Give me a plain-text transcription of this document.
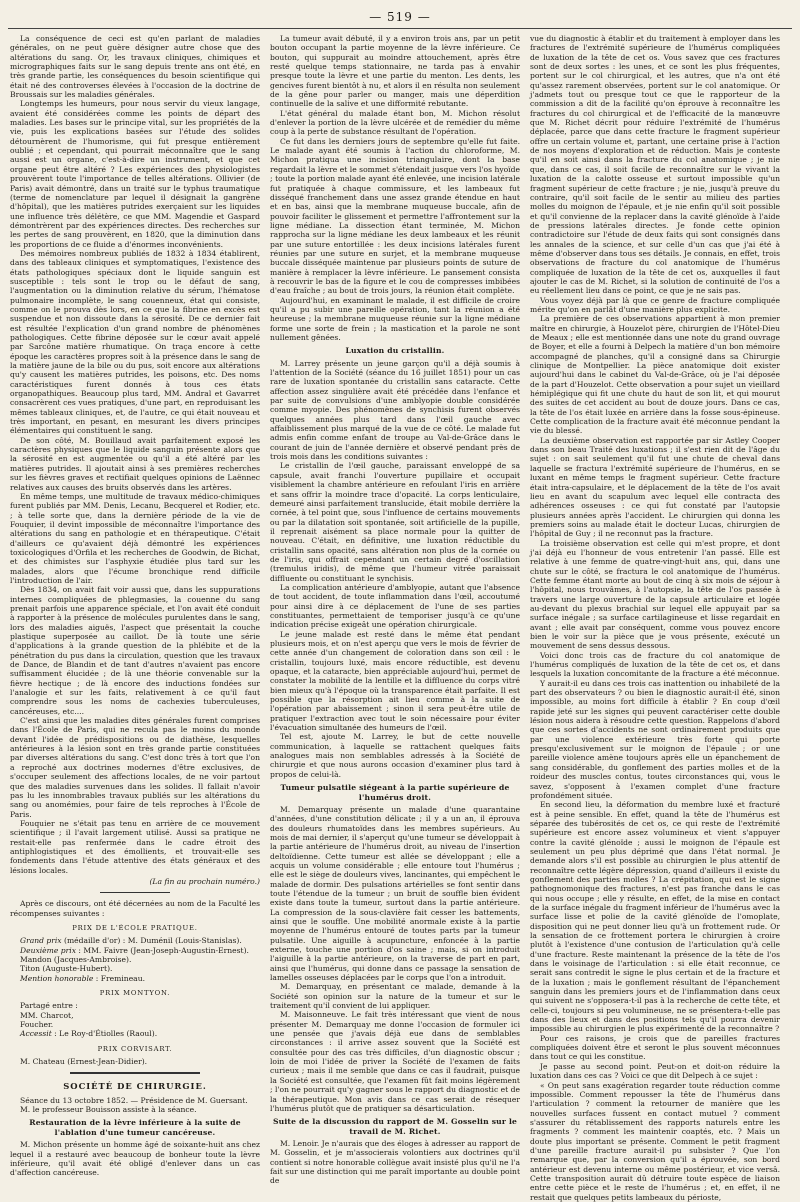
— 519 —

La conséquence de ceci est qu'en parlant de maladies générales, on ne peut guère désigner autre chose que des altérations du sang. Or, les travaux cliniques, chimiques et micrographiques faits sur le sang depuis trente ans ont été, en très grande partie, les conséquences du besoin scientifique qui était né des controverses élevées à l'occasion de la doctrine de Broussais sur les maladies générales.

Longtemps les humeurs, pour nous servir du vieux langage, avaient été considérées comme les points de départ des maladies. Les bases sur le principe vital, sur les propriétés de la vie, puis les explications basées sur l'étude des solides détournèrent de l'humorisme, qui fut presque entièrement oublié ; et cependant, qui pourrait méconnaître que le sang aussi est un organe, c'est-à-dire un instrument, et que cet organe peut être altéré ? Les expériences des physiologistes prouvèrent toute l'importance de telles altérations. Ollivier (de Paris) avait démontré, dans un traité sur le typhus traumatique (terme de nomenclature par lequel il désignait la gangrène d'hôpital), que les matières putrides exerçaient sur les liquides une influence très délétère, ce que MM. Magendie et Gaspard démontrèrent par des expériences directes. Des recherches sur les pertes de sang prouvèrent, en 1820, que la diminution dans les proportions de ce fluide a d'énormes inconvénients.

Des mémoires nombreux publiés de 1832 à 1834 établirent, dans des tableaux cliniques et symptomatiques, l'existence des états pathologiques spéciaux dont le liquide sanguin est susceptible : tels sont le trop ou le défaut de sang, l'augmentation ou la diminution relative du sérum, l'hématose pulmonaire incomplète, le sang couenneux, état qui consiste, comme on le prouva dès lors, en ce que la fibrine en excès est suspendue et non dissoute dans la sérosité. De ce dernier fait est résultée l'explication d'un grand nombre de phénomènes pathologiques. Cette fibrine déposée sur le cœur avait appelé par Sarcône matière rhumatique. On traça encore à cette époque les caractères propres soit à la présence dans le sang de la matière jaune de la bile ou du pus, soit encore aux altérations qu'y causent les matières putrides, les poisons, etc. Des noms caractéristiques furent donnés à tous ces états organopathiques. Beaucoup plus tard, MM. Andral et Gavarret consacrèrent ces vues pratiques, d'une part, en reproduisant les mêmes tableaux cliniques, et, de l'autre, ce qui était nouveau et très important, en pesant, en mesurant les divers principes élémentaires qui constituent le sang.

De son côté, M. Bouillaud avait parfaitement exposé les caractères physiques que le liquide sanguin présente alors que la sérosité en est augmentée ou qu'il a été altéré par les matières putrides. Il ajoutait ainsi à ses premières recherches sur les fièvres graves et rectifiait quelques opinions de Laënnec relatives aux causes des bruits observés dans les artères.

En même temps, une multitude de travaux médico-chimiques furent publiés par MM. Denis, Lecanu, Becquerel et Rodier, etc. ; à telle sorte que, dans la dernière période de la vie de Fouquier, il devint impossible de méconnaître l'importance des altérations du sang en pathologie et en thérapeutique. C'était d'ailleurs ce qu'avaient déjà démontré les expériences toxicologiques d'Orfila et les recherches de Goodwin, de Bichat, et des chimistes sur l'asphyxie étudiée plus tard sur les malades, alors que l'écume bronchique rend difficile l'introduction de l'air.

Dès 1834, on avait fait voir aussi que, dans les suppurations internes compliquées de phlegmasies, la couenne du sang prenait parfois une apparence spéciale, et l'on avait été conduit à rapporter à la présence de molécules purulentes dans le sang, lors des maladies aiguës, l'aspect que présentait la couche plastique superposée au caillot. De là toute une série d'applications à la grande question de la phlébite et de la pénétration du pus dans la circulation, question que les travaux de Dance, de Blandin et de tant d'autres n'avaient pas encore suffisamment élucidée ; de là une théorie convenable sur la fièvre hectique ; de là encore des inductions fondées sur l'analogie et sur les faits, relativement à ce qu'il faut comprendre sous les noms de cachexies tuberculeuses, cancéreuses, etc....

C'est ainsi que les maladies dites générales furent comprises dans l'École de Paris, qui ne recula pas le moins du monde devant l'idée de prédispositions ou de diathèse, lesquelles antérieures à la lésion sont en très grande partie constituées par diverses altérations du sang. C'est donc très à tort que l'on a reproché aux doctrines modernes d'être exclusives, de s'occuper seulement des affections locales, de ne voir partout que des maladies survenues dans les solides. Il fallait n'avoir pas lu les innombrables travaux publiés sur les altérations du sang ou anomémies, pour faire de tels reproches à l'École de Paris.

Fouquier ne s'était pas tenu en arrière de ce mouvement scientifique ; il l'avait largement utilisé. Aussi sa pratique ne restait-elle pas renfermée dans le cadre étroit des antiphlogistiques et des émollients, et trouvait-elle ses fondements dans l'étude attentive des états généraux et des lésions locales.

(La fin au prochain numéro.)

Après ce discours, ont été décernées au nom de la Faculté les récompenses suivantes :

PRIX DE L'ÉCOLE PRATIQUE.

Grand prix (médaille d'or) : M. Duménil (Louis-Stanislas).

Deuxième prix : MM. Faivre (Jean-Joseph-Augustin-Ernest).

Mandon (Jacques-Ambroise).

Titon (Auguste-Hubert).

Mention honorable : Fremineau.

PRIX MONTYON.

Partagé entre :

MM. Charcot,

Foucher.

Accessit : Le Roy-d'Étiolles (Raoul).

PRIX CORVISART.

M. Chateau (Ernest-Jean-Didier).

SOCIÉTÉ DE CHIRURGIE.

Séance du 13 octobre 1852. — Présidence de M. Guersant.

M. le professeur Bouisson assiste à la séance.

Restauration de la lèvre inférieure à la suite de l'ablation d'une tumeur cancéreuse.

M. Michon présente un homme âgé de soixante-huit ans chez lequel il a restauré avec beaucoup de bonheur toute la lèvre inférieure, qu'il avait été obligé d'enlever dans un cas d'affection cancéreuse.

La tumeur avait débuté, il y a environ trois ans, par un petit bouton occupant la partie moyenne de la lèvre inférieure. Ce bouton, qui suppurait au moindre attouchement, après être resté quelque temps stationnaire, ne tarda pas à envahir presque toute la lèvre et une partie du menton. Les dents, les gencives furent bientôt à nu, et alors il en résulta non seulement de la gêne pour parler ou manger, mais une déperdition continuelle de la salive et une difformité rebutante.

L'état général du malade étant bon, M. Michon résolut d'enlever la portion de la lèvre ulcérée et de remédier du même coup à la perte de substance résultant de l'opération.

Ce fut dans les derniers jours de septembre qu'elle fut faite. Le malade ayant été soumis à l'action du chloroforme, M. Michon pratiqua une incision triangulaire, dont la base regardait la lèvre et le sommet s'étendait jusque vers l'os hyoïde ; toute la portion malade ayant été enlevée, une incision latérale fut pratiquée à chaque commissure, et les lambeaux fut disséqué franchement dans une assez grande étendue en haut et en bas, ainsi que la membrane muqueuse buccale, afin de pouvoir faciliter le glissement et permettre l'affrontement sur la ligne médiane. La dissection étant terminée, M. Michon rapprocha sur la ligne médiane les deux lambeaux et les réunit par une suture entortillée : les deux incisions latérales furent réunies par une suture en surjet, et la membrane muqueuse buccale disséquée maintenue par plusieurs points de suture de manière à remplacer la lèvre inférieure. Le pansement consista à recouvrir le bas de la figure et le cou de compresses imbibées d'eau fraîche ; au bout de trois jours, la réunion était complète.

Aujourd'hui, en examinant le malade, il est difficile de croire qu'il a pu subir une pareille opération, tant la réunion a été heureuse ; la membrane muqueuse réunie sur la ligne médiane forme une sorte de frein ; la mastication et la parole ne sont nullement gênées.

Luxation du cristallin.

M. Larrey présente un jeune garçon qu'il a déjà soumis à l'attention de la Société (séance du 16 juillet 1851) pour un cas rare de luxation spontanée du cristallin sans cataracte. Cette affection assez singulière avait été précédée dans l'enfance et par suite de convulsions d'une amblyopie double considérée comme myopie. Des phénomènes de synchisis furent observés quelques années plus tard dans l'œil gauche avec affaiblissement plus marqué de la vue de ce côté. Le malade fut admis enfin comme enfant de troupe au Val-de-Grâce dans le courant de juin de l'année dernière et observé pendant près de trois mois dans les conditions suivantes :

Le cristallin de l'œil gauche, paraissant enveloppé de sa capsule, avait franchi l'ouverture pupillaire et occupait visiblement la chambre antérieure en refoulant l'iris en arrière et sans offrir la moindre trace d'opacité. La corps lenticulaire, demeuré ainsi parfaitement translucide, était mobile derrière la cornée, à tel point que, sous l'influence de certains mouvements ou par la dilatation soit spontanée, soit artificielle de la pupille, il reprenait aisément sa place normale pour la quitter de nouveau. C'était, en définitive, une luxation réductible du cristallin sans opacité, sans altération non plus de la cornée ou de l'iris, qui offrait cependant un certain degré d'oscillation (tremulus iridis), de même que l'humeur vitrée paraissait diffluente ou constituant le synchisis.

La complication antérieure d'amblyopie, autant que l'absence de tout accident, de toute inflammation dans l'œil, accoutumé pour ainsi dire à ce déplacement de l'une de ses parties constituantes, permettaient de temporiser jusqu'à ce qu'une indication précise exigeât une opération chirurgicale.

Le jeune malade est resté dans le même état pendant plusieurs mois, et on n'est aperçu que vers le mois de février de cette année d'un changement de coloration dans son œil : le cristallin, toujours luxé, mais encore réductible, est devenu opaque, et la cataracte, bien appréciable aujourd'hui, permet de constater la mobilité de la lentille et la diffluence du corps vitré bien mieux qu'à l'époque où la transparence était parfaite. Il est possible que la résorption ait lieu comme à la suite de l'opération par abaissement ; sinon il sera peut-être utile de pratiquer l'extraction avec tout le soin nécessaire pour éviter l'évacuation simultanée des humeurs de l'œil.

Tel est, ajoute M. Larrey, le but de cette nouvelle communication, à laquelle se rattachent quelques faits analogues mais non semblables adressés à la Société de chirurgie et que nous aurons occasion d'examiner plus tard à propos de celui-là.

Tumeur pulsatile siégeant à la partie supérieure de l'humérus droit.

M. Demarquay présente un malade d'une quarantaine d'années, d'une constitution délicate ; il y a un an, il éprouva des douleurs rhumatoïdes dans les membres supérieurs. Au mois de mai dernier, il s'aperçut qu'une tumeur se développait à la partie antérieure de l'humérus droit, au niveau de l'insertion deltoïdienne. Cette tumeur est allée se développant ; elle a acquis un volume considérable ; elle entoure tout l'humérus ; elle est le siège de douleurs vives, lancinantes, qui empêchent le malade de dormir. Des pulsations artérielles se font sentir dans toute l'étendue de la tumeur ; un bruit de souffle bien évident existe dans toute la tumeur, surtout dans la partie antérieure. La compression de la sous-clavière fait cesser les battements, ainsi que le souffle. Une mobilité anormale existe à la partie moyenne de l'humérus entouré de toutes parts par la tumeur pulsatile. Une aiguille à acupuncture, enfoncée à la partie externe, touche une portion d'os saine ; mais, si on introduit l'aiguille à la partie antérieure, on la traverse de part en part, ainsi que l'humérus, qui donne dans ce passage la sensation de lamelles osseuses déplacées par le corps que l'on a introduit.

M. Demarquay, en présentant ce malade, demande à la Société son opinion sur la nature de la tumeur et sur le traitement qu'il convient de lui appliquer.

M. Maisonneuve. Le fait très intéressant que vient de nous présenter M. Demarquay me donne l'occasion de formuler ici une pensée que j'avais déjà eue dans de semblables circonstances : il arrive assez souvent que la Société est consultée pour des cas très difficiles, d'un diagnostic obscur ; loin de moi l'idée de priver la Société de l'examen de faits curieux ; mais il me semble que dans ce cas il faudrait, puisque la Société est consultée, que l'examen fût fait moins légèrement ; l'on ne pourrait qu'y gagner sous le rapport du diagnostic et de la thérapeutique. Mon avis dans ce cas serait de résequer l'humérus plutôt que de pratiquer sa désarticulation.

Suite de la discussion du rapport de M. Gosselin sur le travail de M. Richet.

M. Lenoir. Je n'aurais que des éloges à adresser au rapport de M. Gosselin, et je m'associerais volontiers aux doctrines qu'il contient si notre honorable collègue avait insisté plus qu'il ne l'a fait sur une distinction qui me paraît importante au double point de

vue du diagnostic à établir et du traitement à employer dans les fractures de l'extrémité supérieure de l'humérus compliquées de luxation de la tête de cet os. Vous savez que ces fractures sont de deux sortes : les unes, et ce sont les plus fréquentes, portent sur le col chirurgical, et les autres, que n'a ont été qu'assez rarement observées, portent sur le col anatomique. Or j'admets tout ou presque tout ce que le rapporteur de la commission a dit de la facilité qu'on éprouve à reconnaître les fractures du col chirurgical et de l'efficacité de la manœuvre que M. Richet décrit pour réduire l'extrémité de l'humérus déplacée, parce que dans cette fracture le fragment supérieur offre un certain volume et, partant, une certaine prise à l'action de nos moyens d'exploration et de réduction. Mais je conteste qu'il en soit ainsi dans la fracture du col anatomique ; je nie que, dans ce cas, il soit facile de reconnaître sur le vivant la luxation de la calotte osseuse et surtout impossible qu'un fragment supérieur de cette fracture ; je nie, jusqu'à preuve du contraire, qu'il soit facile de le sentir au milieu des parties molles du moignon de l'épaule, et je nie enfin qu'il soit possible et qu'il convienne de la replacer dans la cavité glénoïde à l'aide de pressions latérales directes. Je fonde cette opinion contradictoire sur l'étude de deux faits qui sont consignés dans les annales de la science, et sur celle d'un cas que j'ai été à même d'observer dans tous ses détails. Je connais, en effet, trois observations de fracture du col anatomique de l'humérus compliquée de luxation de la tête de cet os, auxquelles il faut ajouter le cas de M. Richet, si la solution de continuité de l'os a eu réellement lieu dans ce point, ce que je ne sais pas.

Vous voyez déjà par là que ce genre de fracture compliquée mérite qu'on en parlât d'une manière plus explicite.

La première de ces observations appartient à mon premier maître en chirurgie, à Houzelot père, chirurgien de l'Hôtel-Dieu de Meaux ; elle est mentionnée dans une note du grand ouvrage de Boyer, et elle a fourni à Delpech la matière d'un bon mémoire accompagné de planches, qu'il a consigné dans sa Chirurgie clinique de Montpellier. La pièce anatomique doit exister aujourd'hui dans le cabinet du Val-de-Grâce, où je l'ai déposée de la part d'Houzelot. Cette observation a pour sujet un vieillard hémiplégique qui fit une chute du haut de son lit, et qui mourut des suites de cet accident au bout de douze jours. Dans ce cas, la tête de l'os était luxée en arrière dans la fosse sous-épineuse. Cette complication de la fracture avait été méconnue pendant la vie du blessé.

La deuxième observation est rapportée par sir Astley Cooper dans son beau Traité des luxations ; il s'est rien dit de l'âge du sujet : on sait seulement qu'il fut une chute de cheval dans laquelle se fractura l'extrémité supérieure de l'humérus, en se luxant en même temps le fragment supérieur. Cette fracture était intra-capsulaire, et le déplacement de la tête de l'os avait lieu en avant du scapulum avec lequel elle contracta des adhérences osseuses : ce qui fut constaté par l'autopsie plusieurs années après l'accident. Le chirurgien qui donna les premiers soins au malade était le docteur Lucas, chirurgien de l'hôpital de Guy ; il ne reconnut pas la fracture.

La troisième observation est celle qui m'est propre, et dont j'ai déjà eu l'honneur de vous entretenir l'an passé. Elle est relative à une femme de quatre-vingt-huit ans, qui, dans une chute sur le côté, se fractura le col anatomique de l'humérus. Cette femme étant morte au bout de cinq à six mois de séjour à l'hôpital, nous trouvâmes, à l'autopsie, la tête de l'os passée à travers une large ouverture de la capsule articulaire et logée au-devant du plexus brachial sur lequel elle appuyait par sa surface inégale ; sa surface cartilagineuse et lisse regardait en avant ; elle avait par conséquent, comme vous pouvez encore bien le voir sur la pièce que je vous présente, exécuté un mouvement de sens dessus dessous.

Voici donc trois cas de fracture du col anatomique de l'humérus compliqués de luxation de la tête de cet os, et dans lesquels la luxation concomitante de la fracture a été méconnue.

Y aurait-il eu dans ces trois cas inattention ou inhabileté de la part des observateurs ? ou bien le diagnostic aurait-il été, sinon impossible, au moins fort difficile à établir ? En coup d'œil rapide jeté sur les signes qui peuvent caractériser cette double lésion nous aidera à résoudre cette question. Rappelons d'abord que ces sortes d'accidents ne sont ordinairement produits que par une violence extérieure très forte qui porte presqu'exclusivement sur le moignon de l'épaule ; or une pareille violence amène toujours après elle un épanchement de sang considérable, du gonflement des parties molles et de la roideur des muscles contus, toutes circonstances qui, vous le savez, s'opposent à l'examen complet d'une fracture profondément située.

En second lieu, la déformation du membre luxé et fracturé est à peine sensible. En effet, quand la tête de l'humérus est séparée des tubérosités de cet os, ce qui reste de l'extrémité supérieure est encore assez volumineux et vient s'appuyer contre la cavité glénoïde ; aussi le moignon de l'épaule est seulement un peu plus déprimé que dans l'état normal. Je demande alors s'il est possible au chirurgien le plus attentif de reconnaître cette légère dépression, quand d'ailleurs il existe du gonflement des parties molles ? La crépitation, qui est le signe pathognomonique des fractures, n'est pas franche dans le cas qui nous occupe ; elle y résulte, en effet, de la mise en contact de la surface inégale du fragment inférieur de l'humérus avec la surface lisse et polie de la cavité glénoïde de l'omoplate, disposition qui ne peut donner lieu qu'à un frottement rude. Or la sensation de ce frottement portera le chirurgien à croire plutôt à l'existence d'une contusion de l'articulation qu'à celle d'une fracture. Reste maintenant la présence de la tête de l'os dans le voisinage de l'articulation : si elle était reconnue, ce serait sans contredit le signe le plus certain et de la fracture et de la luxation ; mais le gonflement résultant de l'épanchement sanguin dans les premiers jours et de l'inflammation dans ceux qui suivent ne s'opposera-t-il pas à la recherche de cette tête, et celle-ci, toujours si peu volumineuse, ne se présentera-t-elle pas dans des lieux et dans des positions tels qu'il pourra devenir impossible au chirurgien le plus expérimenté de la reconnaître ?

Pour ces raisons, je crois que de pareilles fractures compliquées doivent être et seront le plus souvent méconnues dans tout ce qui les constitue.

Je passe au second point. Peut-on et doit-on réduire la luxation dans ces cas ? Voici ce que dit Delpech à ce sujet :

« On peut sans exagération regarder toute réduction comme impossible. Comment repousser la tête de l'humérus dans l'articulation ? comment la retourner de manière que les nouvelles surfaces fussent en contact mutuel ? comment s'assurer du rétablissement des rapports naturels entre les fragments ? comment les maintenir coaptés, etc. ? Mais un doute plus important se présente. Comment le petit fragment d'une pareille fracture aurait-il pu subsister ? Que l'on remarque que, par la conversion qu'il a éprouvée, son bord antérieur est devenu interne ou même postérieur, et vice versâ. Cette transposition aurait dû détruire toute espèce de liaison entre cette pièce et le reste de l'humérus ; et, en effet, il ne restait que quelques petits lambeaux du périoste,
